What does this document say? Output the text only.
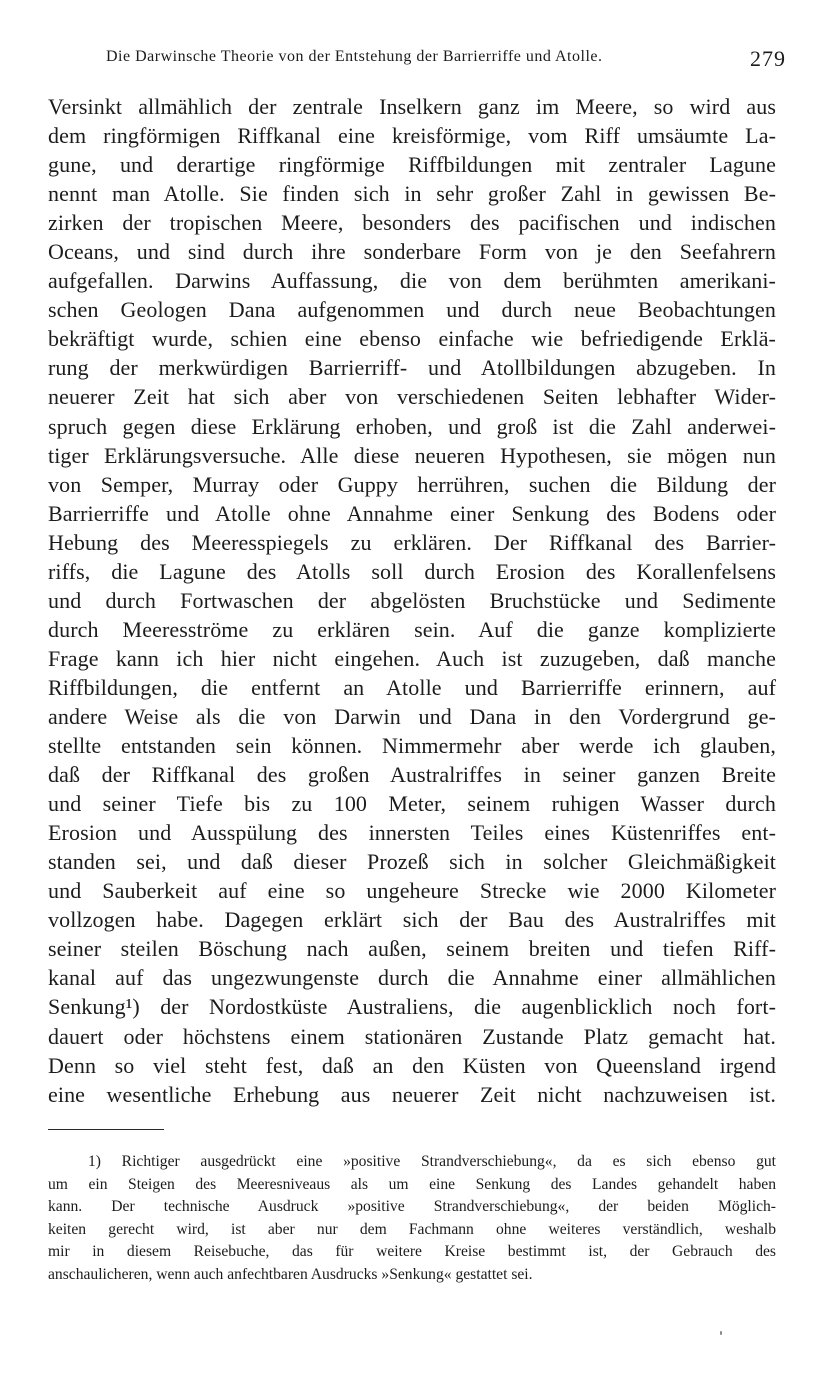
Die Darwinsche Theorie von der Entstehung der Barrierriffe und Atolle.	279
Versinkt allmählich der zentrale Inselkern ganz im Meere, so wird aus
dem ringförmigen Riffkanal eine kreisförmige, vom Riff umsäumte La-
gune, und derartige ringförmige Riffbildungen mit zentraler Lagune
nennt man Atolle. Sie finden sich in sehr großer Zahl in gewissen Be-
zirken der tropischen Meere, besonders des pacifischen und indischen
Oceans, und sind durch ihre sonderbare Form von je den Seefahrern
aufgefallen. Darwins Auffassung, die von dem berühmten amerikani-
schen Geologen Dana aufgenommen und durch neue Beobachtungen
bekräftigt wurde, schien eine ebenso einfache wie befriedigende Erklä-
rung der merkwürdigen Barrierriff- und Atollbildungen abzugeben. In
neuerer Zeit hat sich aber von verschiedenen Seiten lebhafter Wider-
spruch gegen diese Erklärung erhoben, und groß ist die Zahl anderwei-
tiger Erklärungsversuche. Alle diese neueren Hypothesen, sie mögen nun
von Semper, Murray oder Guppy herrühren, suchen die Bildung der
Barrierriffe und Atolle ohne Annahme einer Senkung des Bodens oder
Hebung des Meeresspiegels zu erklären. Der Riffkanal des Barrier-
riffs, die Lagune des Atolls soll durch Erosion des Korallenfelsens
und durch Fortwaschen der abgelösten Bruchstücke und Sedimente
durch Meeresströme zu erklären sein. Auf die ganze komplizierte
Frage kann ich hier nicht eingehen. Auch ist zuzugeben, daß manche
Riffbildungen, die entfernt an Atolle und Barrierriffe erinnern, auf
andere Weise als die von Darwin und Dana in den Vordergrund ge-
stellte entstanden sein können. Nimmermehr aber werde ich glauben,
daß der Riffkanal des großen Australriffes in seiner ganzen Breite
und seiner Tiefe bis zu 100 Meter, seinem ruhigen Wasser durch
Erosion und Ausspülung des innersten Teiles eines Küstenriffes ent-
standen sei, und daß dieser Prozeß sich in solcher Gleichmäßigkeit
und Sauberkeit auf eine so ungeheure Strecke wie 2000 Kilometer
vollzogen habe. Dagegen erklärt sich der Bau des Australriffes mit
seiner steilen Böschung nach außen, seinem breiten und tiefen Riff-
kanal auf das ungezwungenste durch die Annahme einer allmählichen
Senkung¹) der Nordostküste Australiens, die augenblicklich noch fort-
dauert oder höchstens einem stationären Zustande Platz gemacht hat.
Denn so viel steht fest, daß an den Küsten von Queensland irgend
eine wesentliche Erhebung aus neuerer Zeit nicht nachzuweisen ist.
1) Richtiger ausgedrückt eine »positive Strandverschiebung«, da es sich ebenso gut
um ein Steigen des Meeresniveaus als um eine Senkung des Landes gehandelt haben
kann. Der technische Ausdruck »positive Strandverschiebung«, der beiden Möglich-
keiten gerecht wird, ist aber nur dem Fachmann ohne weiteres verständlich, weshalb
mir in diesem Reisebuche, das für weitere Kreise bestimmt ist, der Gebrauch des
anschaulicheren, wenn auch anfechtbaren Ausdrucks »Senkung« gestattet sei.
